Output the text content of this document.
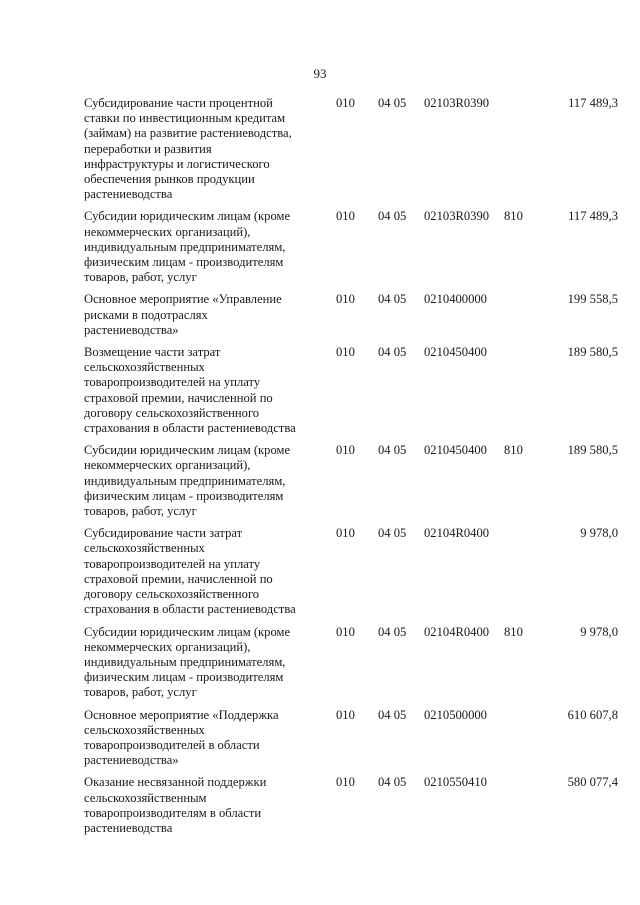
93
Субсидирование части процентной
ставки по инвестиционным кредитам
(займам) на развитие растениеводства,
переработки и развития
инфраструктуры и логистического
обеспечения рынков продукции
растениеводства
010 04 05 02103R0390	117 489,3
Субсидии юридическим лицам (кроме
некоммерческих организаций),
индивидуальным предпринимателям,
физическим лицам - производителям
товаров, работ, услуг
010 04 05 02103R0390 810	117 489,3
Основное мероприятие «Управление
рисками в подотраслях
растениеводства»
010 04 05 0210400000	199 558,5
Возмещение части затрат
сельскохозяйственных
товаропроизводителей на уплату
страховой премии, начисленной по
договору сельскохозяйственного
страхования в области растениеводства
010 04 05 0210450400	189 580,5
Субсидии юридическим лицам (кроме
некоммерческих организаций),
индивидуальным предпринимателям,
физическим лицам - производителям
товаров, работ, услуг
010 04 05 0210450400 810	189 580,5
Субсидирование части затрат
сельскохозяйственных
товаропроизводителей на уплату
страховой премии, начисленной по
договору сельскохозяйственного
страхования в области растениеводства
010 04 05 02104R0400	9 978,0
Субсидии юридическим лицам (кроме
некоммерческих организаций),
индивидуальным предпринимателям,
физическим лицам - производителям
товаров, работ, услуг
010 04 05 02104R0400 810	9 978,0
Основное мероприятие «Поддержка
сельскохозяйственных
товаропроизводителей в области
растениеводства»
010 04 05 0210500000	610 607,8
Оказание несвязанной поддержки
сельскохозяйственным
товаропроизводителям в области
растениеводства
010 04 05 0210550410	580 077,4
